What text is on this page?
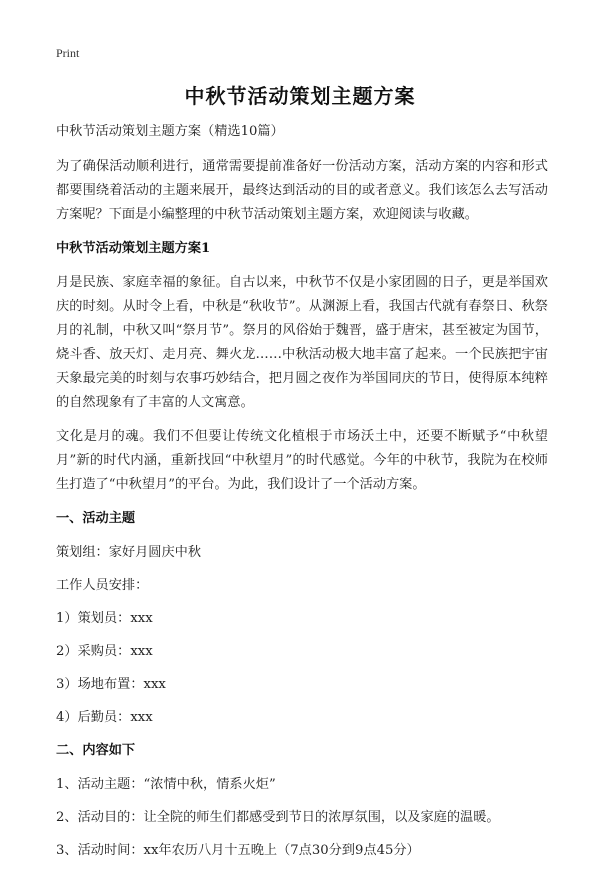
Print
中秋节活动策划主题方案

中秋节活动策划主题方案（精选10篇）

为了确保活动顺利进行，通常需要提前准备好一份活动方案，活动方案的内容和形式都要围绕着活动的主题来展开，最终达到活动的目的或者意义。我们该怎么去写活动方案呢？下面是小编整理的中秋节活动策划主题方案，欢迎阅读与收藏。

中秋节活动策划主题方案1

月是民族、家庭幸福的象征。自古以来，中秋节不仅是小家团圆的日子，更是举国欢庆的时刻。从时令上看，中秋是“秋收节”。从渊源上看，我国古代就有春祭日、秋祭月的礼制，中秋又叫“祭月节”。祭月的风俗始于魏晋，盛于唐宋，甚至被定为国节，烧斗香、放天灯、走月亮、舞火龙……中秋活动极大地丰富了起来。一个民族把宇宙天象最完美的时刻与农事巧妙结合，把月圆之夜作为举国同庆的节日，使得原本纯粹的自然现象有了丰富的人文寓意。

文化是月的魂。我们不但要让传统文化植根于市场沃土中，还要不断赋予“中秋望月”新的时代内涵，重新找回“中秋望月”的时代感觉。今年的中秋节，我院为在校师生打造了“中秋望月”的平台。为此，我们设计了一个活动方案。

一、活动主题

策划组：家好月圆庆中秋

工作人员安排：

1）策划员：xxx

2）采购员：xxx

3）场地布置：xxx

4）后勤员：xxx

二、内容如下

1、活动主题：“浓情中秋，情系火炬”

2、活动目的：让全院的师生们都感受到节日的浓厚氛围，以及家庭的温暖。

3、活动时间：xx年农历八月十五晚上（7点30分到9点45分）
